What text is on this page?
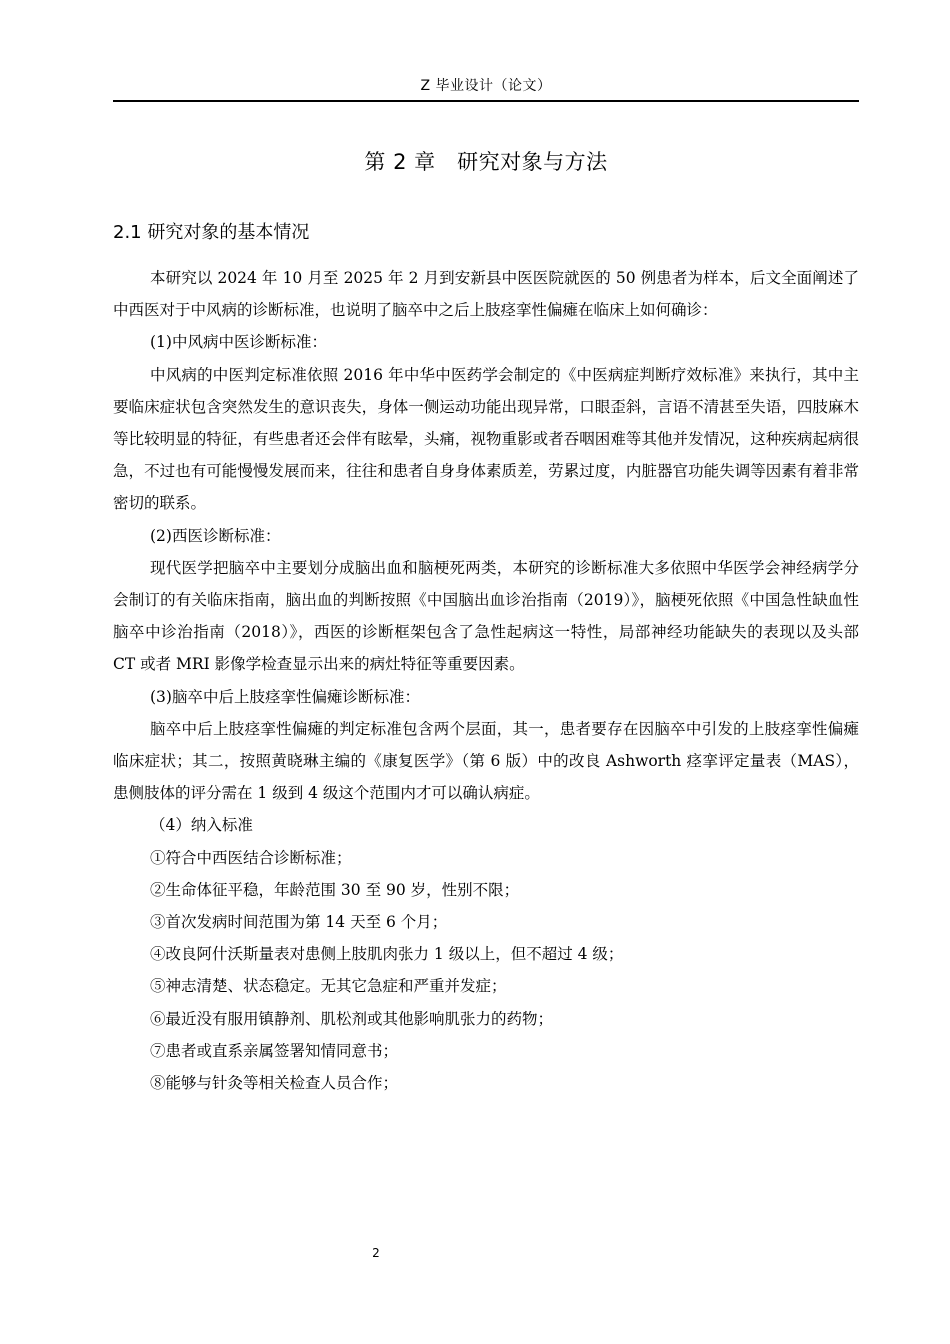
Z 毕业设计（论文）
第 2 章　研究对象与方法
2.1 研究对象的基本情况

本研究以 2024 年 10 月至 2025 年 2 月到安新县中医医院就医的 50 例患者为样本，后文全面阐述了中西医对于中风病的诊断标准，也说明了脑卒中之后上肢痉挛性偏瘫在临床上如何确诊：

(1)中风病中医诊断标准：

中风病的中医判定标准依照 2016 年中华中医药学会制定的《中医病症判断疗效标准》来执行，其中主要临床症状包含突然发生的意识丧失，身体一侧运动功能出现异常，口眼歪斜，言语不清甚至失语，四肢麻木等比较明显的特征，有些患者还会伴有眩晕，头痛，视物重影或者吞咽困难等其他并发情况，这种疾病起病很急，不过也有可能慢慢发展而来，往往和患者自身身体素质差，劳累过度，内脏器官功能失调等因素有着非常密切的联系。

(2)西医诊断标准：

现代医学把脑卒中主要划分成脑出血和脑梗死两类，本研究的诊断标准大多依照中华医学会神经病学分会制订的有关临床指南，脑出血的判断按照《中国脑出血诊治指南（2019）》，脑梗死依照《中国急性缺血性脑卒中诊治指南（2018）》，西医的诊断框架包含了急性起病这一特性，局部神经功能缺失的表现以及头部 CT 或者 MRI 影像学检查显示出来的病灶特征等重要因素。

(3)脑卒中后上肢痉挛性偏瘫诊断标准：

脑卒中后上肢痉挛性偏瘫的判定标准包含两个层面，其一，患者要存在因脑卒中引发的上肢痉挛性偏瘫临床症状；其二，按照黄晓琳主编的《康复医学》（第 6 版）中的改良 Ashworth 痉挛评定量表（MAS），患侧肢体的评分需在 1 级到 4 级这个范围内才可以确认病症。

（4）纳入标准

①符合中西医结合诊断标准；

②生命体征平稳，年龄范围 30 至 90 岁，性别不限；

③首次发病时间范围为第 14 天至 6 个月；

④改良阿什沃斯量表对患侧上肢肌肉张力 1 级以上，但不超过 4 级；

⑤神志清楚、状态稳定。无其它急症和严重并发症；

⑥最近没有服用镇静剂、肌松剂或其他影响肌张力的药物；

⑦患者或直系亲属签署知情同意书；

⑧能够与针灸等相关检查人员合作；

2
